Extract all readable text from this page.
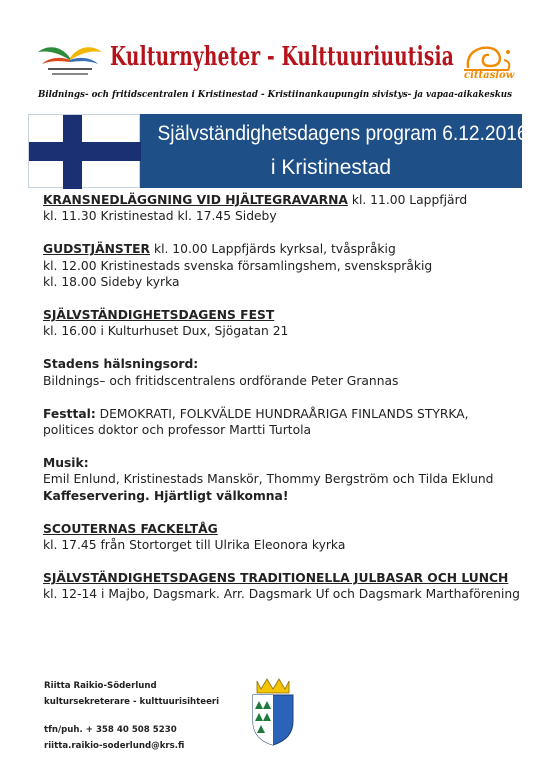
Kulturnyheter - Kulttuuriuutisia
cittaslow
Bildnings- och fritidscentralen i Kristinestad - Kristiinankaupungin sivistys- ja vapaa-aikakeskus
Självständighetsdagens program 6.12.2016
i Kristinestad
KRANSNEDLÄGGNING VID HJÄLTEGRAVARNA kl. 11.00 Lappfjärd kl. 11.30 Kristinestad kl. 17.45 Sideby
GUDSTJÄNSTER kl. 10.00 Lappfjärds kyrksal, tvåspråkig kl. 12.00 Kristinestads svenska församlingshem, svenskspråkig kl. 18.00 Sideby kyrka
SJÄLVSTÄNDIGHETSDAGENS FEST kl. 16.00 i Kulturhuset Dux, Sjögatan 21
Stadens hälsningsord: Bildnings– och fritidscentralens ordförande Peter Grannas
Festtal: DEMOKRATI, FOLKVÄLDE HUNDRAÅRIGA FINLANDS STYRKA, politices doktor och professor Martti Turtola
Musik: Emil Enlund, Kristinestads Manskör, Thommy Bergström och Tilda Eklund Kaffeservering. Hjärtligt välkomna!
SCOUTERNAS FACKELTÅG kl. 17.45 från Stortorget till Ulrika Eleonora kyrka
SJÄLVSTÄNDIGHETSDAGENS TRADITIONELLA JULBASAR OCH LUNCH kl. 12-14 i Majbo, Dagsmark. Arr. Dagsmark Uf och Dagsmark Marthaförening
Riitta Raikio-Söderlund
kultursekreterare - kulttuurisihteeri
tfn/puh. + 358 40 508 5230
riitta.raikio-soderlund@krs.fi
